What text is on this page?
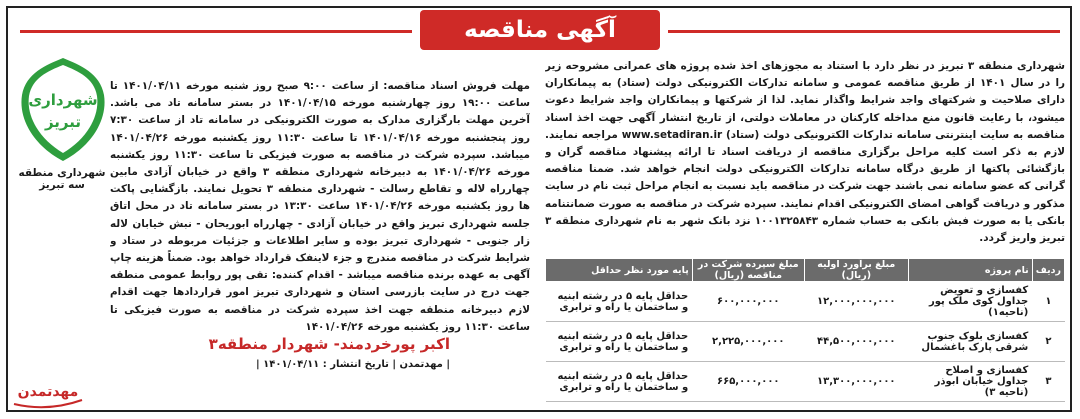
آگهی مناقصه عمومی
شهرداری منطقه ۳ تبریز در نظر دارد با استناد به مجوزهای اخذ شده پروژه های عمرانی مشروحه زیر را در سال ۱۴۰۱ از طریق مناقصه عمومی و سامانه تدارکات الکترونیکی دولت (ستاد) به پیمانکاران دارای صلاحیت و شرکتهای واجد شرایط واگذار نماید. لذا از شرکتها و پیمانکاران واجد شرایط دعوت میشود، با رعایت قانون منع مداخله کارکنان در معاملات دولتی، از تاریخ انتشار آگهی جهت اخذ اسناد مناقصه به سایت اینترنتی سامانه تدارکات الکترونیکی دولت (ستاد) www.setadiran.ir مراجعه نمایند. لازم به ذکر است کلیه مراحل برگزاری مناقصه از دریافت اسناد تا ارائه پیشنهاد مناقصه گران و بازگشائی پاکتها از طریق درگاه سامانه تدارکات الکترونیکی دولت انجام خواهد شد. ضمنا مناقصه گرانی که عضو سامانه نمی باشند جهت شرکت در مناقصه باید نسبت به انجام مراحل ثبت نام در سایت مذکور و دریافت گواهی امضای الکترونیکی اقدام نمایند. سپرده شرکت در مناقصه به صورت ضمانتنامه بانکی یا به صورت فیش بانکی به حساب شماره ۱۰۰۱۳۲۵۸۴۳ نزد بانک شهر به نام شهرداری منطقه ۳ تبریز واریز گردد.
مهلت فروش اسناد مناقصه: از ساعت ۹:۰۰ صبح روز شنبه مورخه ۱۴۰۱/۰۴/۱۱ تا ساعت ۱۹:۰۰ روز چهارشنبه مورخه ۱۴۰۱/۰۴/۱۵ در بستر سامانه تاد می باشد. آخرین مهلت بارگزاری مدارک به صورت الکترونیکی در سامانه تاد از ساعت ۷:۳۰ روز پنجشنبه مورخه ۱۴۰۱/۰۴/۱۶ تا ساعت ۱۱:۳۰ روز یکشنبه مورخه ۱۴۰۱/۰۴/۲۶ میباشد. سپرده شرکت در مناقصه به صورت فیزیکی تا ساعت ۱۱:۳۰ روز یکشنبه مورخه ۱۴۰۱/۰۴/۲۶ به دبیرخانه شهرداری منطقه ۳ واقع در خیابان آزادی مابین چهارراه لاله و تقاطع رسالت - شهرداری منطقه ۳ تحویل نمایند. بازگشایی پاکت ها روز یکشنبه مورخه ۱۴۰۱/۰۴/۲۶ ساعت ۱۳:۳۰ در بستر سامانه تاد در محل اتاق جلسه شهرداری تبریز واقع در خیابان آزادی - چهارراه ابوریحان - نبش خیابان لاله زار جنوبی - شهرداری تبریز بوده و سایر اطلاعات و جزئیات مربوطه در ستاد و شرایط شرکت در مناقصه مندرج و جزء لاینفک قرارداد خواهد بود. ضمناً هزینه چاپ آگهی به عهده برنده مناقصه میباشد - اقدام کننده: تقی پور روابط عمومی منطقه جهت درج در سایت بازرسی استان و شهرداری تبریز امور قراردادها جهت اقدام لازم دبیرخانه منطقه جهت اخذ سپرده شرکت در مناقصه به صورت فیزیکی تا ساعت ۱۱:۳۰ روز یکشنبه مورخه ۱۴۰۱/۰۴/۲۶
شهرداری
تبریز
شهرداری منطقه سه تبریز
ردیف	نام پروژه	مبلغ برآورد اولیه (ریال)	مبلغ سپرده شرکت در مناقصه (ریال)	پایه مورد نظر حداقل
۱	کفسازی و تعویض جداول کوی ملک پور (ناحیه۱)	۱۲,۰۰۰,۰۰۰,۰۰۰	۶۰۰,۰۰۰,۰۰۰	حداقل پایه ۵ در رشته ابنیه و ساختمان یا راه و ترابری
۲	کفسازی بلوک جنوب شرقی پارک باغشمال	۴۴,۵۰۰,۰۰۰,۰۰۰	۲,۲۲۵,۰۰۰,۰۰۰	حداقل پایه ۵ در رشته ابنیه و ساختمان یا راه و ترابری
۳	کفسازی و اصلاح جداول خیابان ابوذر (ناحیه ۳)	۱۳,۳۰۰,۰۰۰,۰۰۰	۶۶۵,۰۰۰,۰۰۰	حداقل پایه ۵ در رشته ابنیه و ساختمان یا راه و ترابری
اکبر پورخردمند- شهردار منطقه۳
| مهدتمدن | تاریخ انتشار : ۱۴۰۱/۰۴/۱۱ |
مهدتمدن
